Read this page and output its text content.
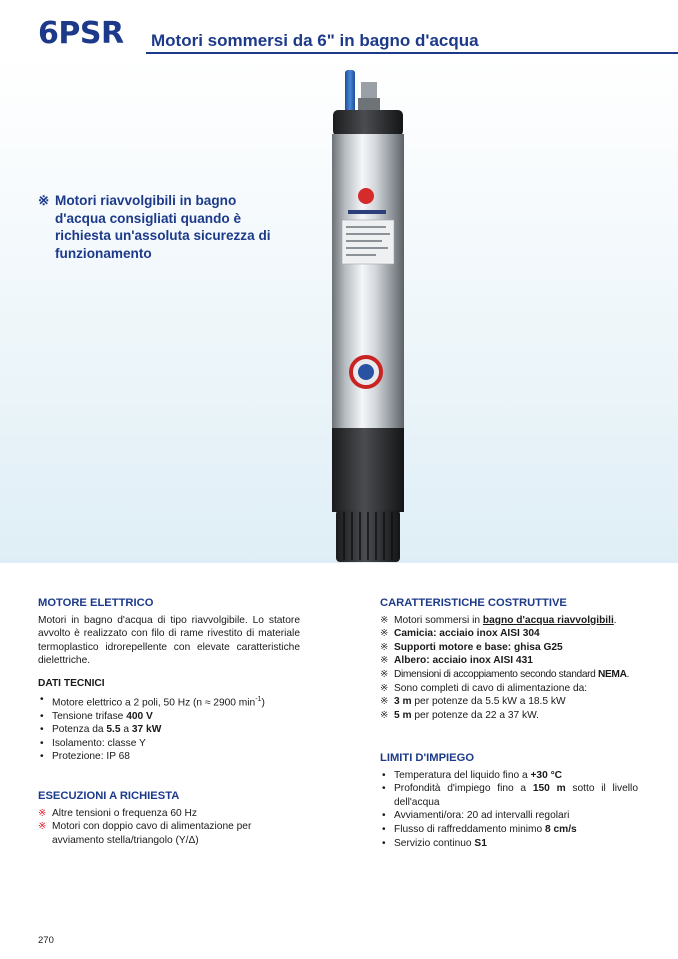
6PSR Motori sommersi da 6" in bagno d'acqua
※ Motori riavvolgibili in bagno d'acqua consigliati quando è richiesta un'assoluta sicurezza di funzionamento
MOTORE ELETTRICO
Motori in bagno d'acqua di tipo riavvolgibile. Lo statore avvolto è realizzato con filo di rame rivestito di materiale termoplastico idrorepellente con elevate caratteristiche dielettriche.
DATI TECNICI
• Motore elettrico a 2 poli, 50 Hz (n ≈ 2900 $\min^{-1}$)
• Tensione trifase 400 V
• Potenza da 5.5 a 37 kW
• Isolamento: classe Y
• Protezione: IP 68
ESECUZIONI A RICHIESTA
※ Altre tensioni o frequenza 60 Hz
※ Motori con doppio cavo di alimentazione per avviamento stella/triangolo (Y/Δ)
CARATTERISTICHE COSTRUTTIVE
※ Motori sommersi in bagno d'acqua riavvolgibili.
※ Camicia: acciaio inox AISI 304
※ Supporti motore e base: ghisa G25
※ Albero: acciaio inox AISI 431
※ Dimensioni di accoppiamento secondo standard NEMA.
※ Sono completi di cavo di alimentazione da:
※ 3 m per potenze da 5.5 kW a 18.5 kW
※ 5 m per potenze da 22 a 37 kW.
LIMITI D'IMPIEGO
• Temperatura del liquido fino a +30 °C
• Profondità d'impiego fino a 150 m sotto il livello dell'acqua
• Avviamenti/ora: 20 ad intervalli regolari
• Flusso di raffreddamento minimo 8 cm/s
• Servizio continuo S1
270
